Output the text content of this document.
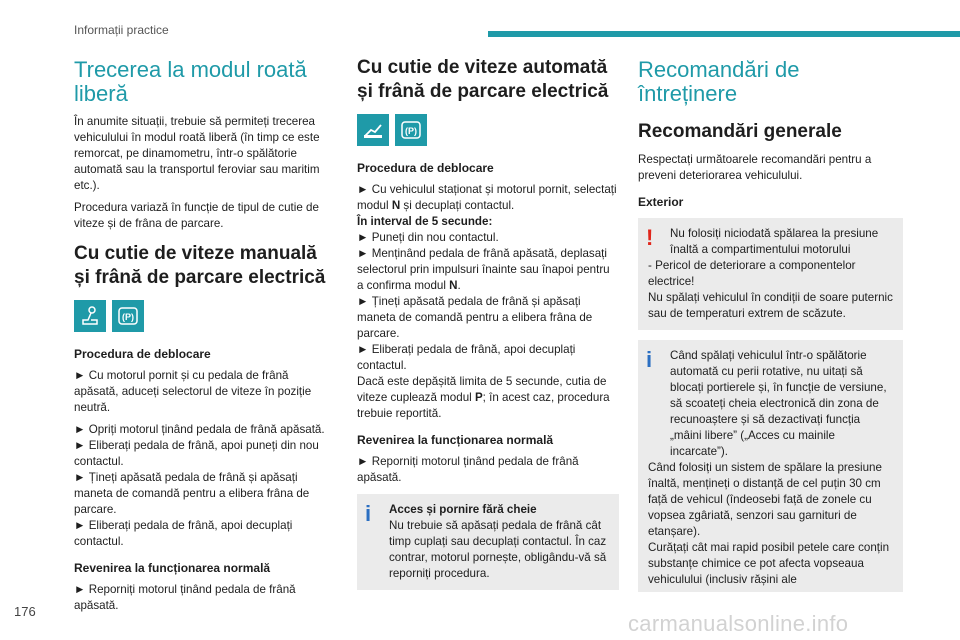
Informații practice
Trecerea la modul roată liberă

În anumite situații, trebuie să permiteți trecerea vehiculului în modul roată liberă (în timp ce este remorcat, pe dinamometru, într-o spălătorie automată sau la transportul feroviar sau maritim etc.).

Procedura variază în funcție de tipul de cutie de viteze și de frâna de parcare.

Cu cutie de viteze manuală și frână de parcare electrică
(P)
Procedura de deblocare

► Cu motorul pornit și cu pedala de frână apăsată, aduceți selectorul de viteze în poziție neutră.

► Opriți motorul ținând pedala de frână apăsată.

► Eliberați pedala de frână, apoi puneți din nou contactul.

► Țineți apăsată pedala de frână și apăsați maneta de comandă pentru a elibera frâna de parcare.

► Eliberați pedala de frână, apoi decuplați contactul.

Revenirea la funcționarea normală

► Reporniți motorul ținând pedala de frână apăsată.

Cu cutie de viteze automată și frână de parcare electrică
(P)
Procedura de deblocare

► Cu vehiculul staționat și motorul pornit, selectați modul N și decuplați contactul.

În interval de 5 secunde:

► Puneți din nou contactul.

► Menținând pedala de frână apăsată, deplasați selectorul prin impulsuri înainte sau înapoi pentru a confirma modul N.

► Țineți apăsată pedala de frână și apăsați maneta de comandă pentru a elibera frâna de parcare.

► Eliberați pedala de frână, apoi decuplați contactul.

Dacă este depășită limita de 5 secunde, cutia de viteze cuplează modul P; în acest caz, procedura trebuie reportită.

Revenirea la funcționarea normală

► Reporniți motorul ținând pedala de frână apăsată.

i	Acces și pornire fără cheie
Nu trebuie să apăsați pedala de frână cât timp cuplați sau decuplați contactul. În caz contrar, motorul pornește, obligându-vă să reporniți procedura.
Recomandări de întreținere
Recomandări generale

Respectați următoarele recomandări pentru a preveni deteriorarea vehiculului.

Exterior
!	Nu folosiți niciodată spălarea la presiune înaltă a compartimentului motorului
- Pericol de deteriorare a componentelor electrice!
Nu spălați vehiculul în condiții de soare puternic sau de temperaturi extrem de scăzute.
i	Când spălați vehiculul într-o spălătorie automată cu perii rotative, nu uitați să blocați portierele și, în funcție de versiune, să scoateți cheia electronică din zona de recunoaștere și să dezactivați funcția „mâini libere” („Acces cu mainile incarcate”).
Când folosiți un sistem de spălare la presiune înaltă, mențineți o distanță de cel puțin 30 cm față de vehicul (îndeosebi față de zonele cu vopsea zgâriată, senzori sau garnituri de etanșare).
Curățați cât mai rapid posibil petele care conțin substanțe chimice ce pot afecta vopseaua vehiculului (inclusiv rășini ale
176	carmanualsonline.info
